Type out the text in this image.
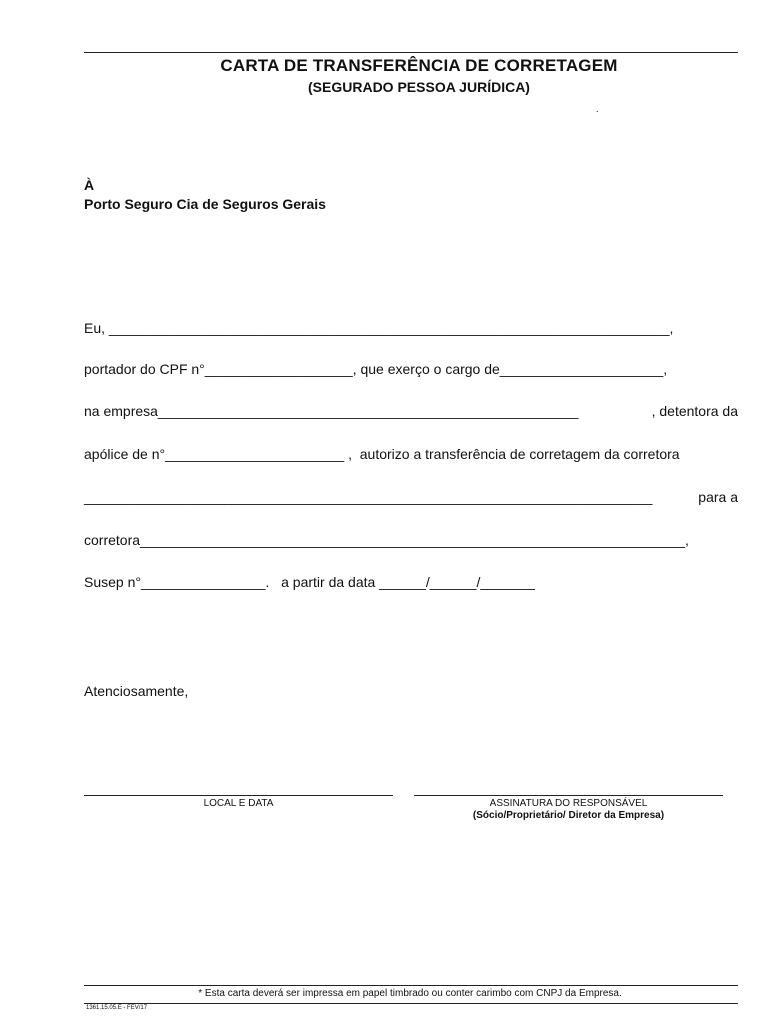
CARTA DE TRANSFERÊNCIA DE CORRETAGEM
(SEGURADO PESSOA JURÍDICA)
.
À
Porto Seguro Cia de Seguros Gerais
Eu, ________________________________________________________________________,
portador do CPF n°___________________, que exerço o cargo de_____________________,
na empresa______________________________________________________	, detentora da
apólice de n°_______________________ ,  autorizo a transferência de corretagem da corretora
_________________________________________________________________________	para a
corretora______________________________________________________________________,
Susep n°________________.   a partir da data ______/______/_______
Atenciosamente,
LOCAL E DATA	ASSINATURA DO RESPONSÁVEL
(Sócio/Proprietário/ Diretor da Empresa)
* Esta carta deverá ser impressa em papel timbrado ou conter carimbo com CNPJ da Empresa.
1361.15.05.E - FEV/17
